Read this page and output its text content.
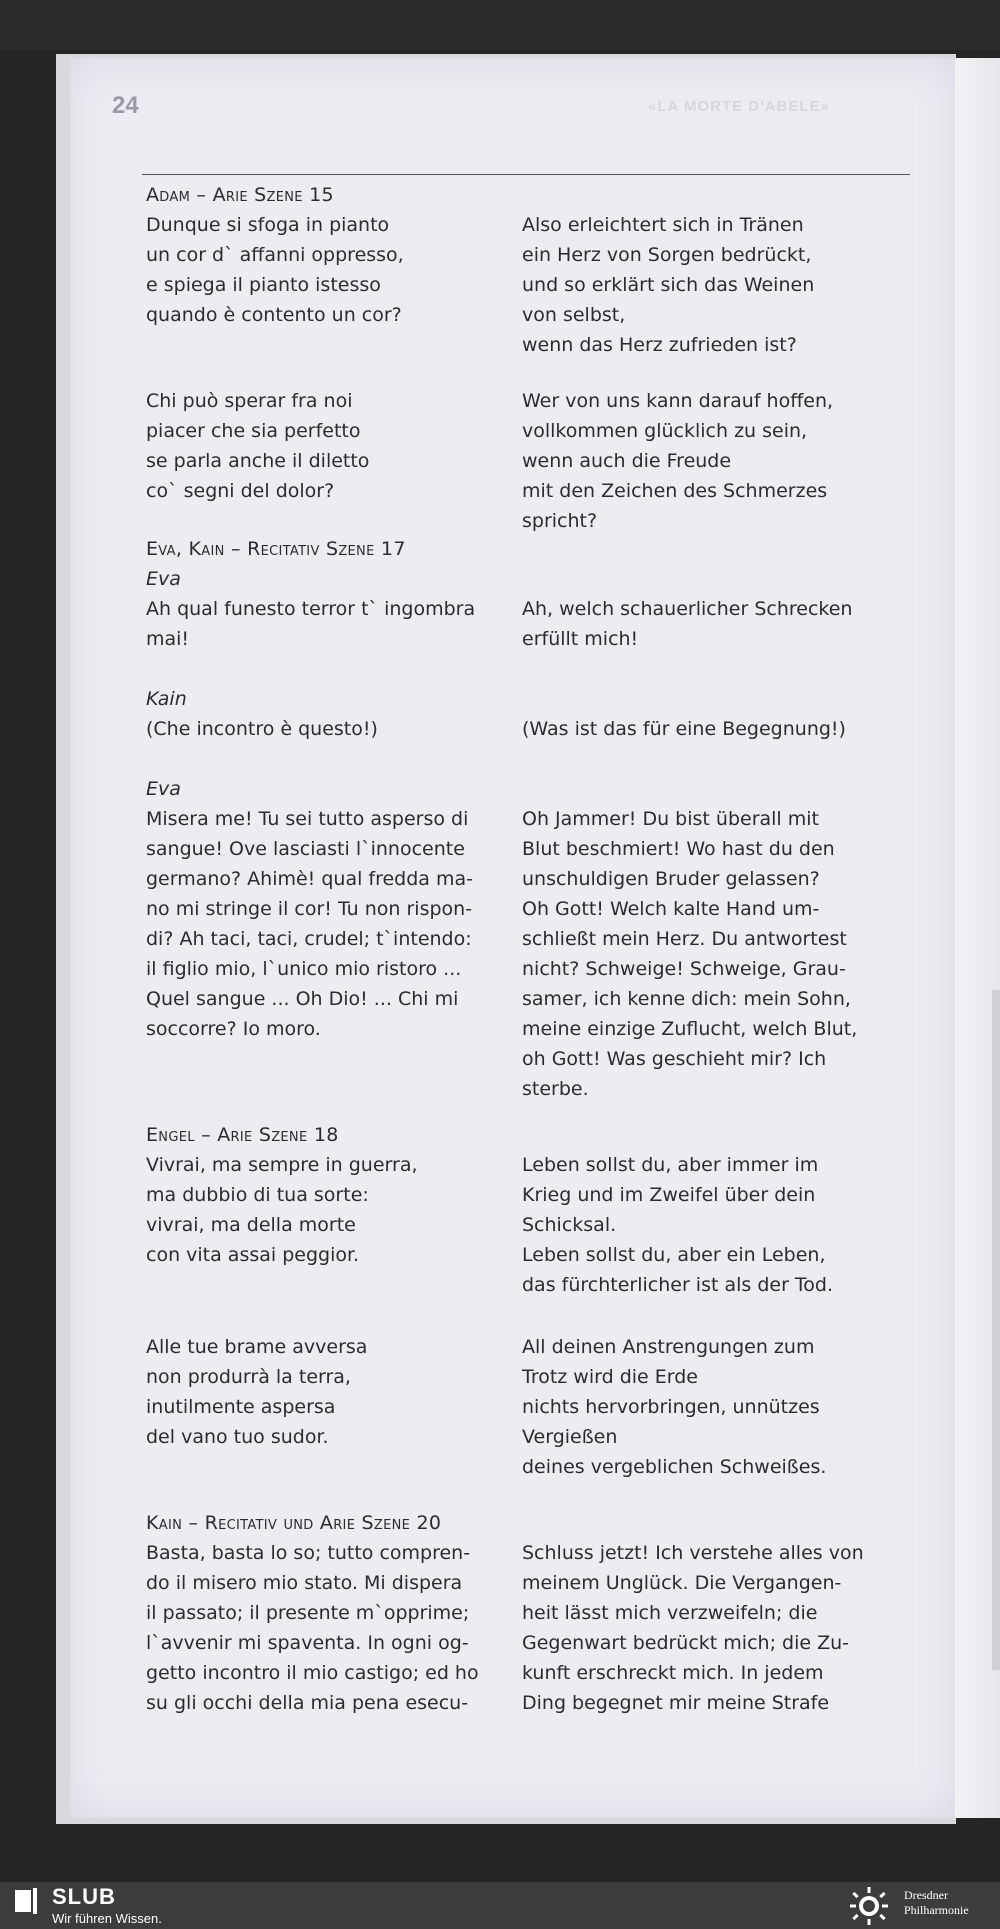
24	«LA MORTE D'ABELE»
Adam – Arie Szene 15
Dunque si sfoga in pianto
un cor d` affanni oppresso,
e spiega il pianto istesso
quando è contento un cor?
Also erleichtert sich in Tränen
ein Herz von Sorgen bedrückt,
und so erklärt sich das Weinen
von selbst,
wenn das Herz zufrieden ist?
Chi può sperar fra noi
piacer che sia perfetto
se parla anche il diletto
co` segni del dolor?
Wer von uns kann darauf hoffen,
vollkommen glücklich zu sein,
wenn auch die Freude
mit den Zeichen des Schmerzes
spricht?
Eva, Kain – Recitativ Szene 17
Eva
Ah qual funesto terror t` ingombra
mai!
Ah, welch schauerlicher Schrecken
erfüllt mich!
Kain
(Che incontro è questo!)	(Was ist das für eine Begegnung!)
Eva
Misera me! Tu sei tutto asperso di
sangue! Ove lasciasti l`innocente
germano? Ahimè! qual fredda ma-
no mi stringe il cor! Tu non rispon-
di? Ah taci, taci, crudel; t`intendo:
il figlio mio, l`unico mio ristoro ...
Quel sangue ... Oh Dio! ... Chi mi
soccorre? Io moro.
Oh Jammer! Du bist überall mit
Blut beschmiert! Wo hast du den
unschuldigen Bruder gelassen?
Oh Gott! Welch kalte Hand um-
schließt mein Herz. Du antwortest
nicht? Schweige! Schweige, Grau-
samer, ich kenne dich: mein Sohn,
meine einzige Zuflucht, welch Blut,
oh Gott! Was geschieht mir? Ich
sterbe.
Engel – Arie Szene 18
Vivrai, ma sempre in guerra,
ma dubbio di tua sorte:
vivrai, ma della morte
con vita assai peggior.
Leben sollst du, aber immer im
Krieg und im Zweifel über dein
Schicksal.
Leben sollst du, aber ein Leben,
das fürchterlicher ist als der Tod.
Alle tue brame avversa
non produrrà la terra,
inutilmente aspersa
del vano tuo sudor.
All deinen Anstrengungen zum
Trotz wird die Erde
nichts hervorbringen, unnützes
Vergießen
deines vergeblichen Schweißes.
Kain – Recitativ und Arie Szene 20
Basta, basta lo so; tutto compren-
do il misero mio stato. Mi dispera
il passato; il presente m`opprime;
l`avvenir mi spaventa. In ogni og-
getto incontro il mio castigo; ed ho
su gli occhi della mia pena esecu-
Schluss jetzt! Ich verstehe alles von
meinem Unglück. Die Vergangen-
heit lässt mich verzweifeln; die
Gegenwart bedrückt mich; die Zu-
kunft erschreckt mich. In jedem
Ding begegnet mir meine Strafe
SLUB
Wir führen Wissen.
Dresdner
Philharmonie
